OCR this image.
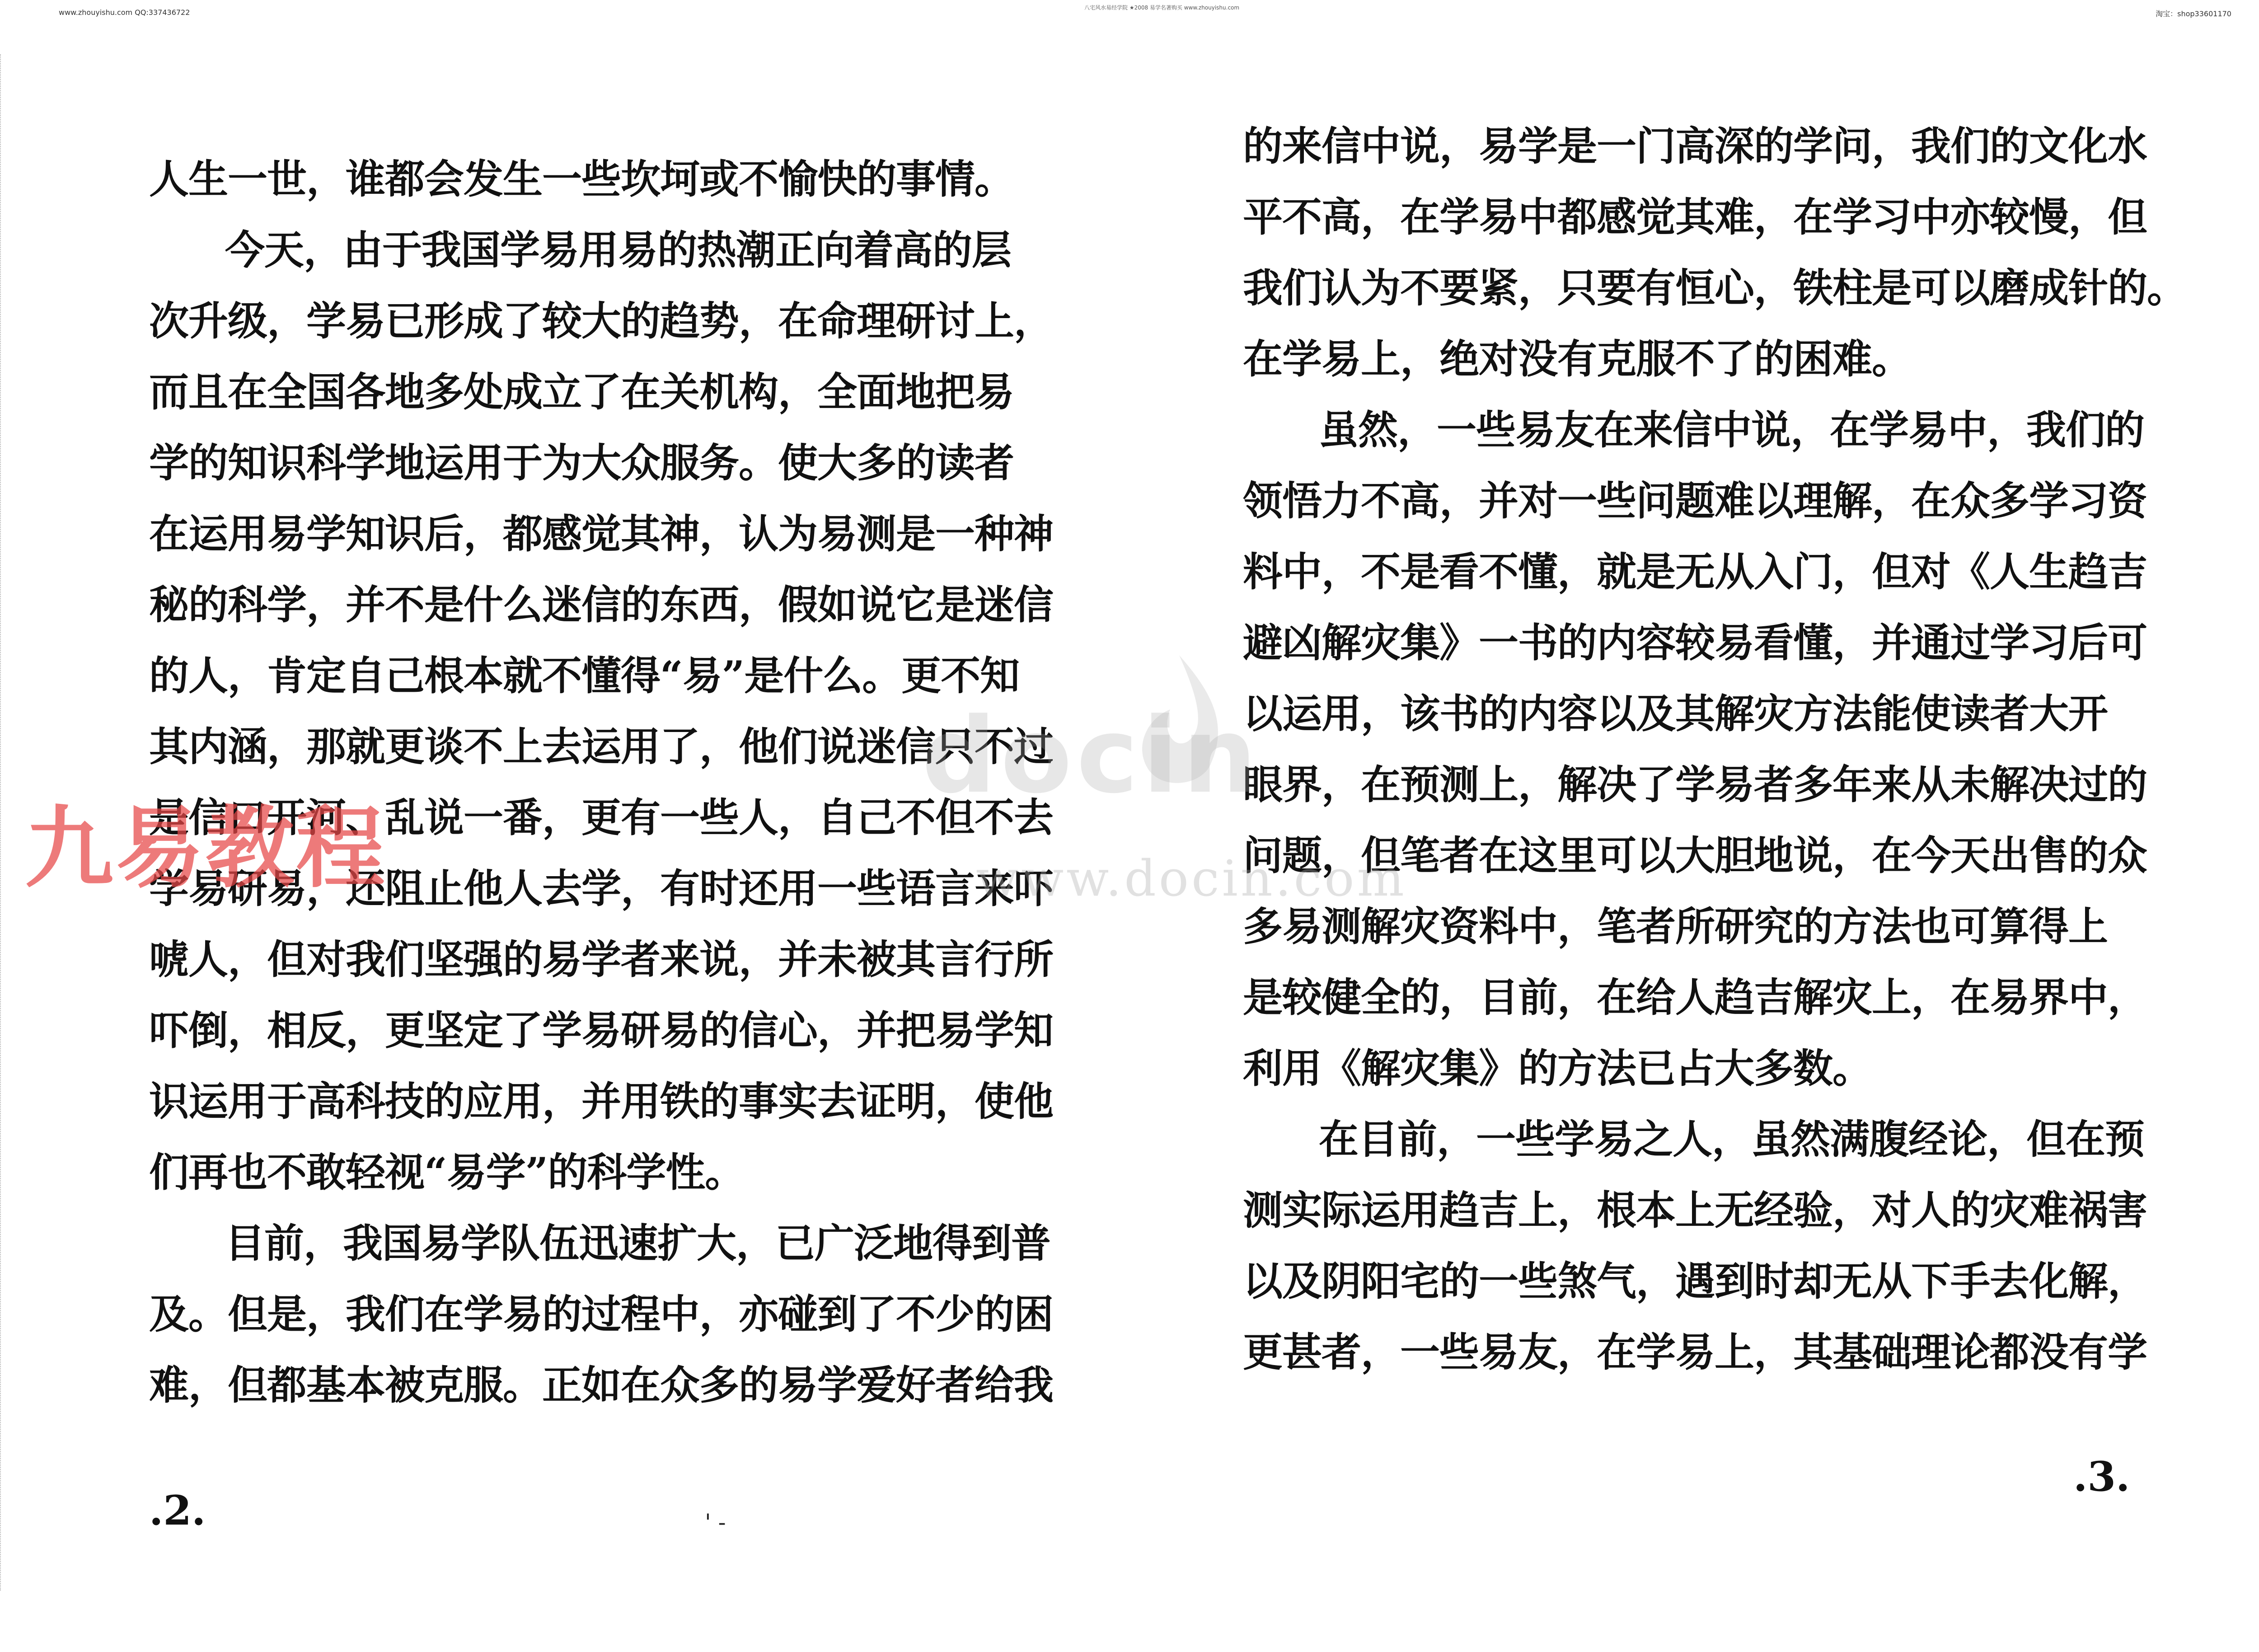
www.zhouyishu.com QQ:337436722
八宅风水易经学院 ★2008 易学名著购买 www.zhouyishu.com
淘宝：shop33601170
人生一世，谁都会发生一些坎坷或不愉快的事情。
今天，由于我国学易用易的热潮正向着高的层
次升级，学易已形成了较大的趋势，在命理研讨上，
而且在全国各地多处成立了在关机构，全面地把易
学的知识科学地运用于为大众服务。使大多的读者
在运用易学知识后，都感觉其神，认为易测是一种神
秘的科学，并不是什么迷信的东西，假如说它是迷信
的人，肯定自己根本就不懂得“易”是什么。更不知
其内涵，那就更谈不上去运用了，他们说迷信只不过
是信口开河、乱说一番，更有一些人，自己不但不去
学易研易，还阻止他人去学，有时还用一些语言来吓
唬人，但对我们坚强的易学者来说，并未被其言行所
吓倒，相反，更坚定了学易研易的信心，并把易学知
识运用于高科技的应用，并用铁的事实去证明，使他
们再也不敢轻视“易学”的科学性。
目前，我国易学队伍迅速扩大，已广泛地得到普
及。但是，我们在学易的过程中，亦碰到了不少的困
难，但都基本被克服。正如在众多的易学爱好者给我
.2.	' -
的来信中说，易学是一门高深的学问，我们的文化水
平不高，在学易中都感觉其难，在学习中亦较慢，但
我们认为不要紧，只要有恒心，铁柱是可以磨成针的。
在学易上，绝对没有克服不了的困难。
虽然，一些易友在来信中说，在学易中，我们的
领悟力不高，并对一些问题难以理解，在众多学习资
料中，不是看不懂，就是无从入门，但对《人生趋吉
避凶解灾集》一书的内容较易看懂，并通过学习后可
以运用，该书的内容以及其解灾方法能使读者大开
眼界，在预测上，解决了学易者多年来从未解决过的
问题，但笔者在这里可以大胆地说，在今天出售的众
多易测解灾资料中，笔者所研究的方法也可算得上
是较健全的，目前，在给人趋吉解灾上，在易界中，
利用《解灾集》的方法已占大多数。
在目前，一些学易之人，虽然满腹经论，但在预
测实际运用趋吉上，根本上无经验，对人的灾难祸害
以及阴阳宅的一些煞气，遇到时却无从下手去化解，
更甚者，一些易友，在学易上，其基础理论都没有学
.3.
docin
www.docin.com
九易教程
